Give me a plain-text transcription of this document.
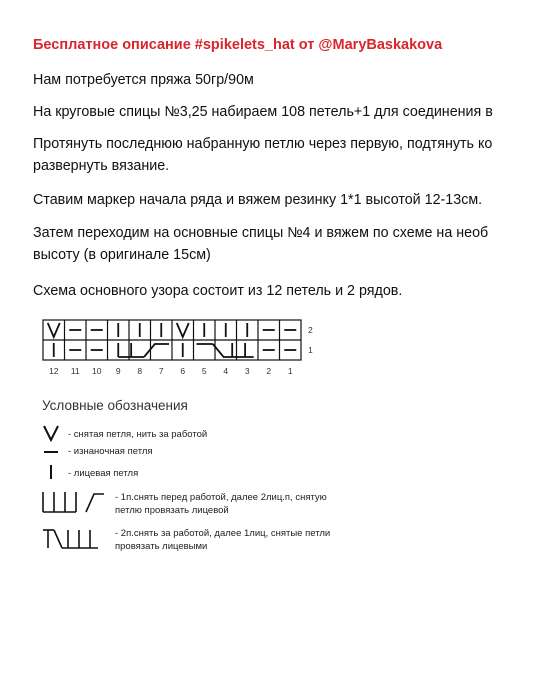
Бесплатное описание #spikelets_hat от @MaryBaskakova
Нам потребуется пряжа 50гр/90м
На круговые спицы №3,25 набираем 108 петель+1 для соединения в
Протянуть последнюю набранную петлю через первую, подтянуть ко
развернуть вязание.
Ставим маркер начала ряда и вяжем резинку 1*1 высотой 12-13см.
Затем переходим на основные спицы №4 и вяжем по схеме на необ
высоту (в оригинале 15см)
Схема основного узора состоит из 12 петель и 2 рядов.
2
1
12 11 10 9 8 7 6 5 4 3 2 1
Условные обозначения
- снятая петля, нить за работой
- изнаночная петля
- лицевая петля
- 1п.снять перед работой, далее 2лиц.п, снятую
петлю провязать лицевой
- 2п.снять за работой, далее 1лиц, снятые петли
провязать лицевыми
